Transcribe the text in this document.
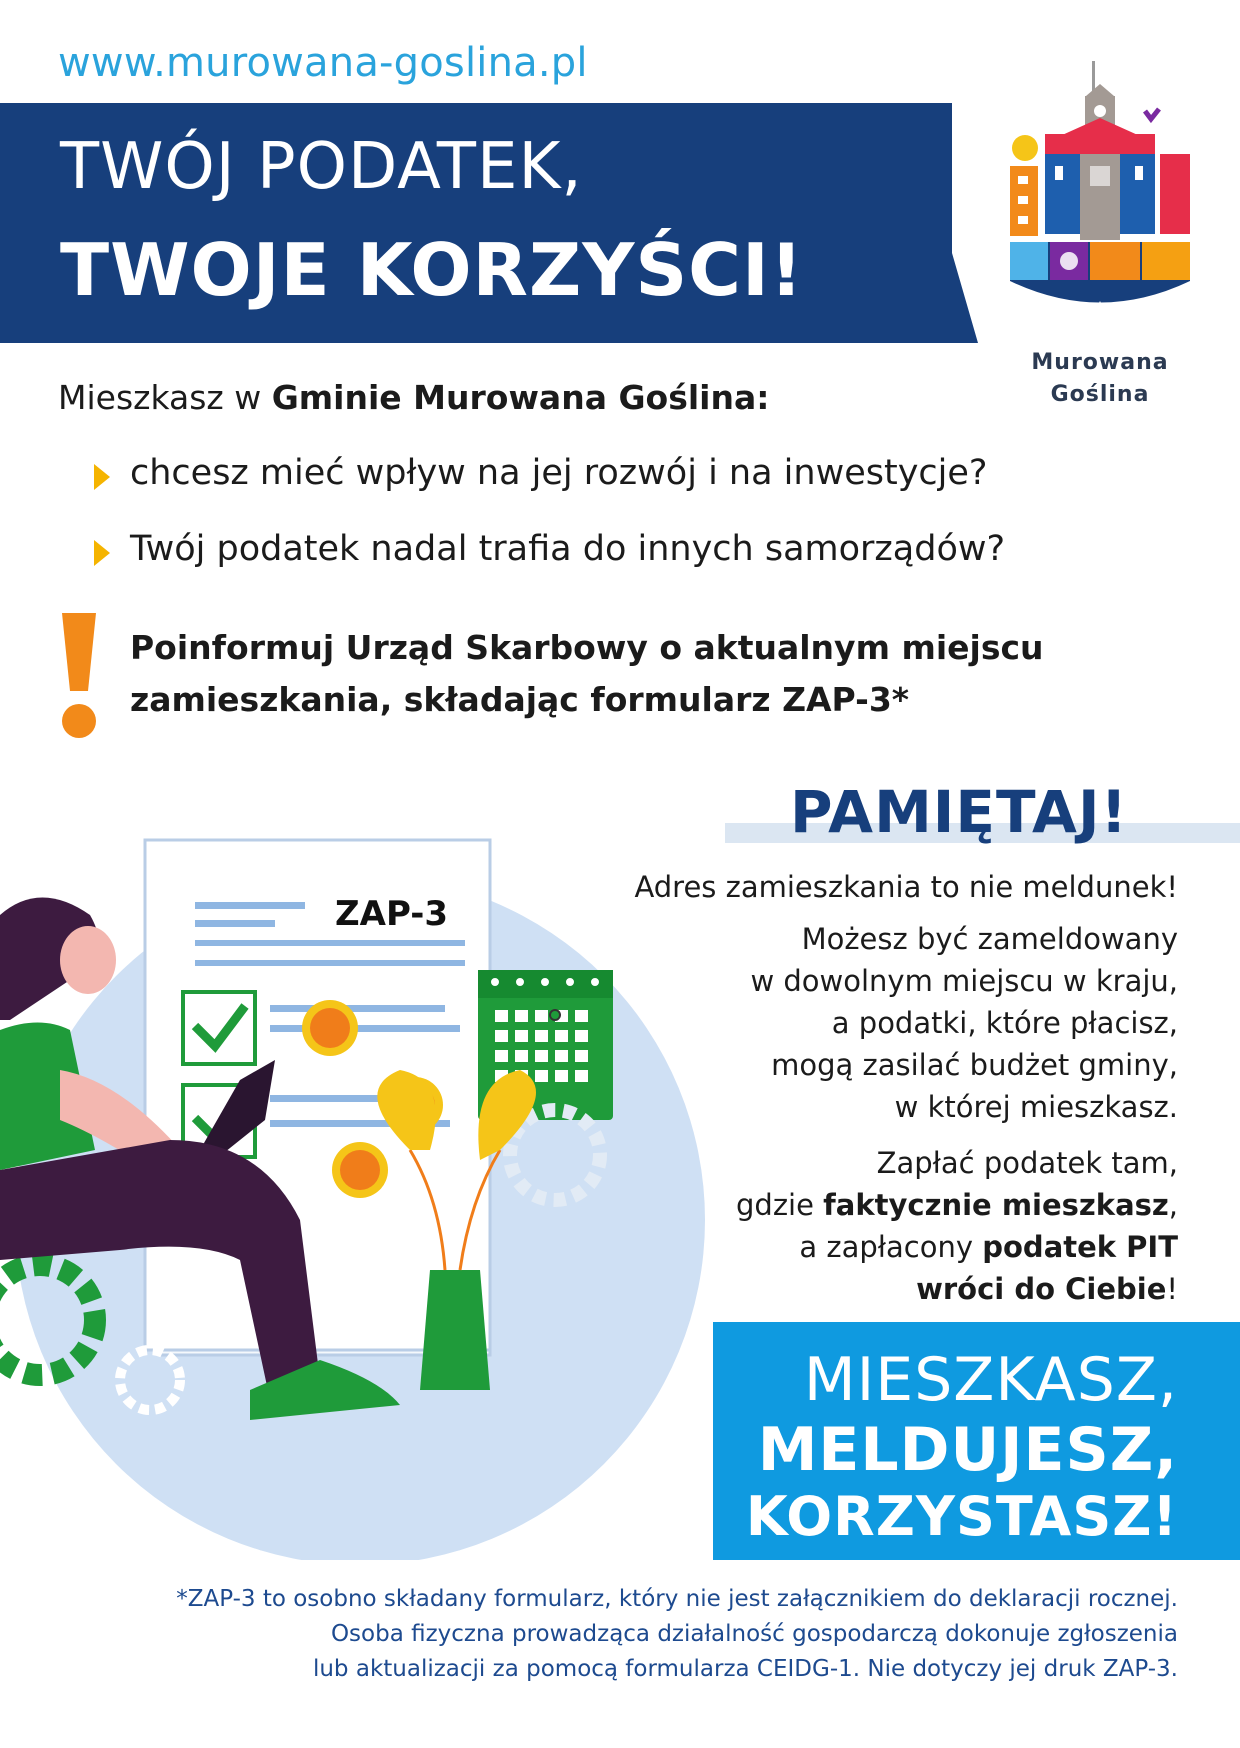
www.murowana-goslina.pl
TWÓJ PODATEK,
TWOJE KORZYŚCI!
Murowana
Goślina
Mieszkasz w Gminie Murowana Goślina:
chcesz mieć wpływ na jej rozwój i na inwestycje?
Twój podatek nadal trafia do innych samorządów?
Poinformuj Urząd Skarbowy o aktualnym miejscu
zamieszkania, składając formularz ZAP-3*
ZAP-3
PAMIĘTAJ!
Adres zamieszkania to nie meldunek!
Możesz być zameldowany
w dowolnym miejscu w kraju,
a podatki, które płacisz,
mogą zasilać budżet gminy,
w której mieszkasz.
Zapłać podatek tam,
gdzie faktycznie mieszkasz,
a zapłacony podatek PIT
wróci do Ciebie!
MIESZKASZ,
MELDUJESZ,
KORZYSTASZ!
*ZAP-3 to osobno składany formularz, który nie jest załącznikiem do deklaracji rocznej.
Osoba fizyczna prowadząca działalność gospodarczą dokonuje zgłoszenia
lub aktualizacji za pomocą formularza CEIDG-1. Nie dotyczy jej druk ZAP-3.
